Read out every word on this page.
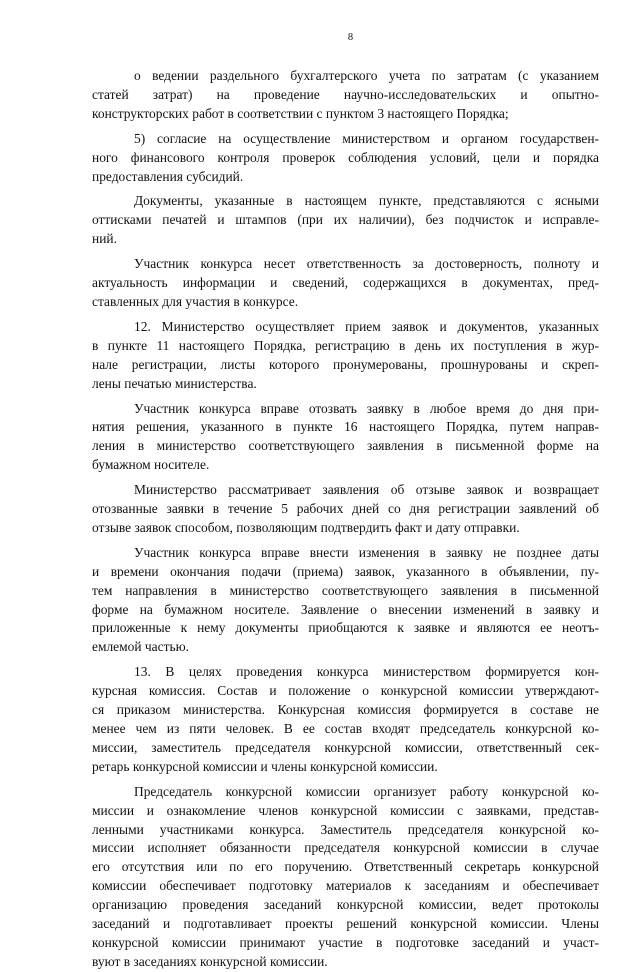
8
о ведении раздельного бухгалтерского учета по затратам (с указанием
статей затрат) на проведение научно-исследовательских и опытно-
конструкторских работ в соответствии с пунктом 3 настоящего Порядка;
5) согласие на осуществление министерством и органом государствен-
ного финансового контроля проверок соблюдения условий, цели и порядка
предоставления субсидий.
Документы, указанные в настоящем пункте, представляются с ясными
оттисками печатей и штампов (при их наличии), без подчисток и исправле-
ний.
Участник конкурса несет ответственность за достоверность, полноту и
актуальность информации и сведений, содержащихся в документах, пред-
ставленных для участия в конкурсе.
12. Министерство осуществляет прием заявок и документов, указанных
в пункте 11 настоящего Порядка, регистрацию в день их поступления в жур-
нале регистрации, листы которого пронумерованы, прошнурованы и скреп-
лены печатью министерства.
Участник конкурса вправе отозвать заявку в любое время до дня при-
нятия решения, указанного в пункте 16 настоящего Порядка, путем направ-
ления в министерство соответствующего заявления в письменной форме на
бумажном носителе.
Министерство рассматривает заявления об отзыве заявок и возвращает
отозванные заявки в течение 5 рабочих дней со дня регистрации заявлений об
отзыве заявок способом, позволяющим подтвердить факт и дату отправки.
Участник конкурса вправе внести изменения в заявку не позднее даты
и времени окончания подачи (приема) заявок, указанного в объявлении, пу-
тем направления в министерство соответствующего заявления в письменной
форме на бумажном носителе. Заявление о внесении изменений в заявку и
приложенные к нему документы приобщаются к заявке и являются ее неотъ-
емлемой частью.
13. В целях проведения конкурса министерством формируется кон-
курсная комиссия. Состав и положение о конкурсной комиссии утверждают-
ся приказом министерства. Конкурсная комиссия формируется в составе не
менее чем из пяти человек. В ее состав входят председатель конкурсной ко-
миссии, заместитель председателя конкурсной комиссии, ответственный сек-
ретарь конкурсной комиссии и члены конкурсной комиссии.
Председатель конкурсной комиссии организует работу конкурсной ко-
миссии и ознакомление членов конкурсной комиссии с заявками, представ-
ленными участниками конкурса. Заместитель председателя конкурсной ко-
миссии исполняет обязанности председателя конкурсной комиссии в случае
его отсутствия или по его поручению. Ответственный секретарь конкурсной
комиссии обеспечивает подготовку материалов к заседаниям и обеспечивает
организацию проведения заседаний конкурсной комиссии, ведет протоколы
заседаний и подготавливает проекты решений конкурсной комиссии. Члены
конкурсной комиссии принимают участие в подготовке заседаний и участ-
вуют в заседаниях конкурсной комиссии.
